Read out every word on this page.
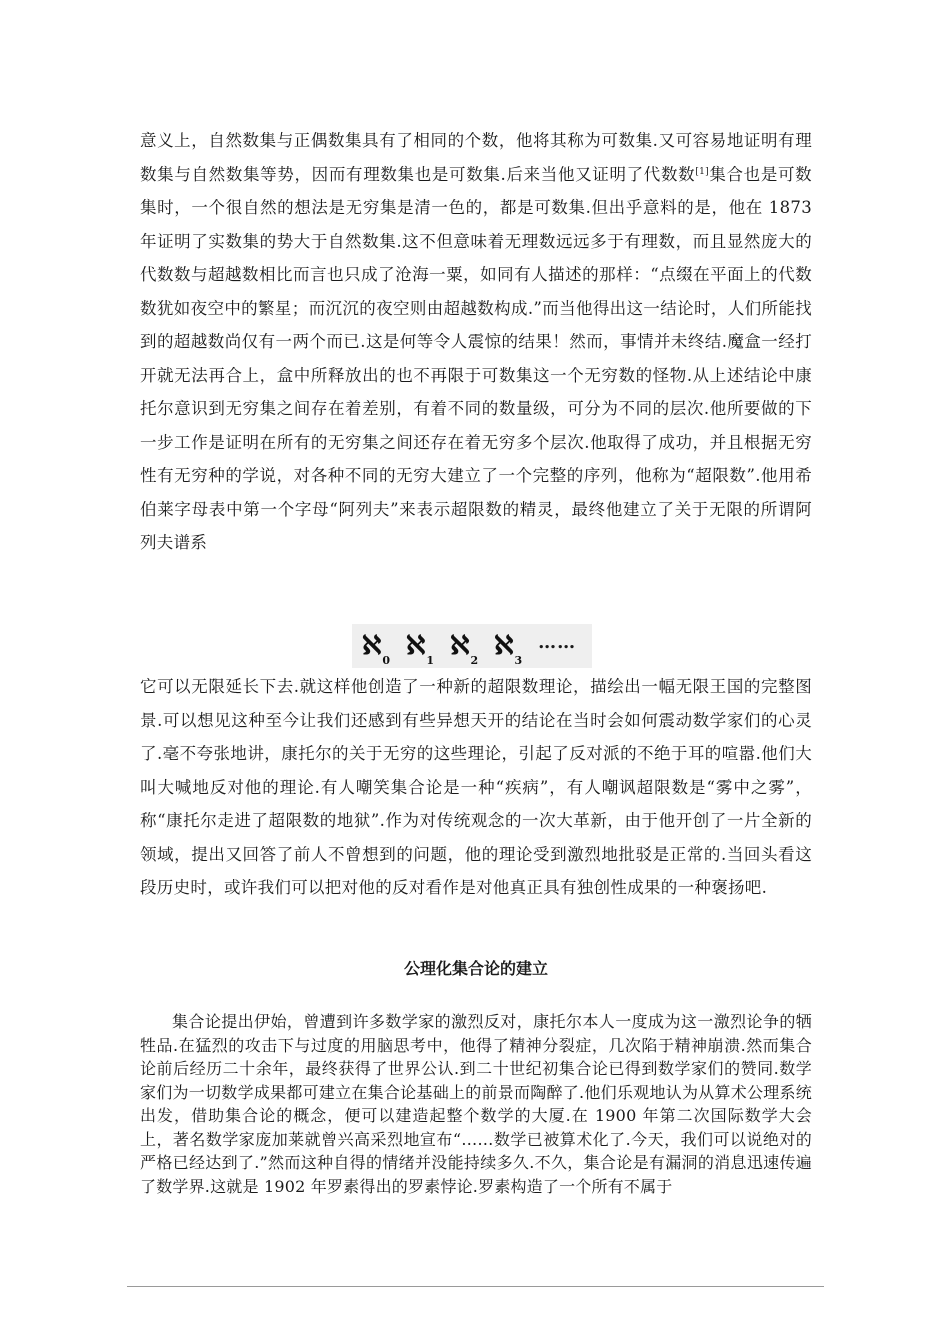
意义上，自然数集与正偶数集具有了相同的个数，他将其称为可数集.又可容易地证明有理数集与自然数集等势，因而有理数集也是可数集.后来当他又证明了代数数[1]集合也是可数集时，一个很自然的想法是无穷集是清一色的，都是可数集.但出乎意料的是，他在 1873 年证明了实数集的势大于自然数集.这不但意味着无理数远远多于有理数，而且显然庞大的代数数与超越数相比而言也只成了沧海一粟，如同有人描述的那样：“点缀在平面上的代数数犹如夜空中的繁星；而沉沉的夜空则由超越数构成.”而当他得出这一结论时，人们所能找到的超越数尚仅有一两个而已.这是何等令人震惊的结果！然而，事情并未终结.魔盒一经打开就无法再合上，盒中所释放出的也不再限于可数集这一个无穷数的怪物.从上述结论中康托尔意识到无穷集之间存在着差别，有着不同的数量级，可分为不同的层次.他所要做的下一步工作是证明在所有的无穷集之间还存在着无穷多个层次.他取得了成功，并且根据无穷性有无穷种的学说，对各种不同的无穷大建立了一个完整的序列，他称为“超限数”.他用希伯莱字母表中第一个字母“阿列夫”来表示超限数的精灵，最终他建立了关于无限的所谓阿列夫谱系

ℵ$_0$ ℵ$_1$ ℵ$_2$ ℵ$_3$
……

它可以无限延长下去.就这样他创造了一种新的超限数理论，描绘出一幅无限王国的完整图景.可以想见这种至今让我们还感到有些异想天开的结论在当时会如何震动数学家们的心灵了.毫不夸张地讲，康托尔的关于无穷的这些理论，引起了反对派的不绝于耳的喧嚣.他们大叫大喊地反对他的理论.有人嘲笑集合论是一种“疾病”，有人嘲讽超限数是“雾中之雾”，称“康托尔走进了超限数的地狱”.作为对传统观念的一次大革新，由于他开创了一片全新的领域，提出又回答了前人不曾想到的问题，他的理论受到激烈地批驳是正常的.当回头看这段历史时，或许我们可以把对他的反对看作是对他真正具有独创性成果的一种褒扬吧.

公理化集合论的建立

集合论提出伊始，曾遭到许多数学家的激烈反对，康托尔本人一度成为这一激烈论争的牺牲品.在猛烈的攻击下与过度的用脑思考中，他得了精神分裂症，几次陷于精神崩溃.然而集合论前后经历二十余年，最终获得了世界公认.到二十世纪初集合论已得到数学家们的赞同.数学家们为一切数学成果都可建立在集合论基础上的前景而陶醉了.他们乐观地认为从算术公理系统出发，借助集合论的概念，便可以建造起整个数学的大厦.在 1900 年第二次国际数学大会上，著名数学家庞加莱就曾兴高采烈地宣布“……数学已被算术化了.今天，我们可以说绝对的严格已经达到了.”然而这种自得的情绪并没能持续多久.不久，集合论是有漏洞的消息迅速传遍了数学界.这就是 1902 年罗素得出的罗素悖论.罗素构造了一个所有不属于
